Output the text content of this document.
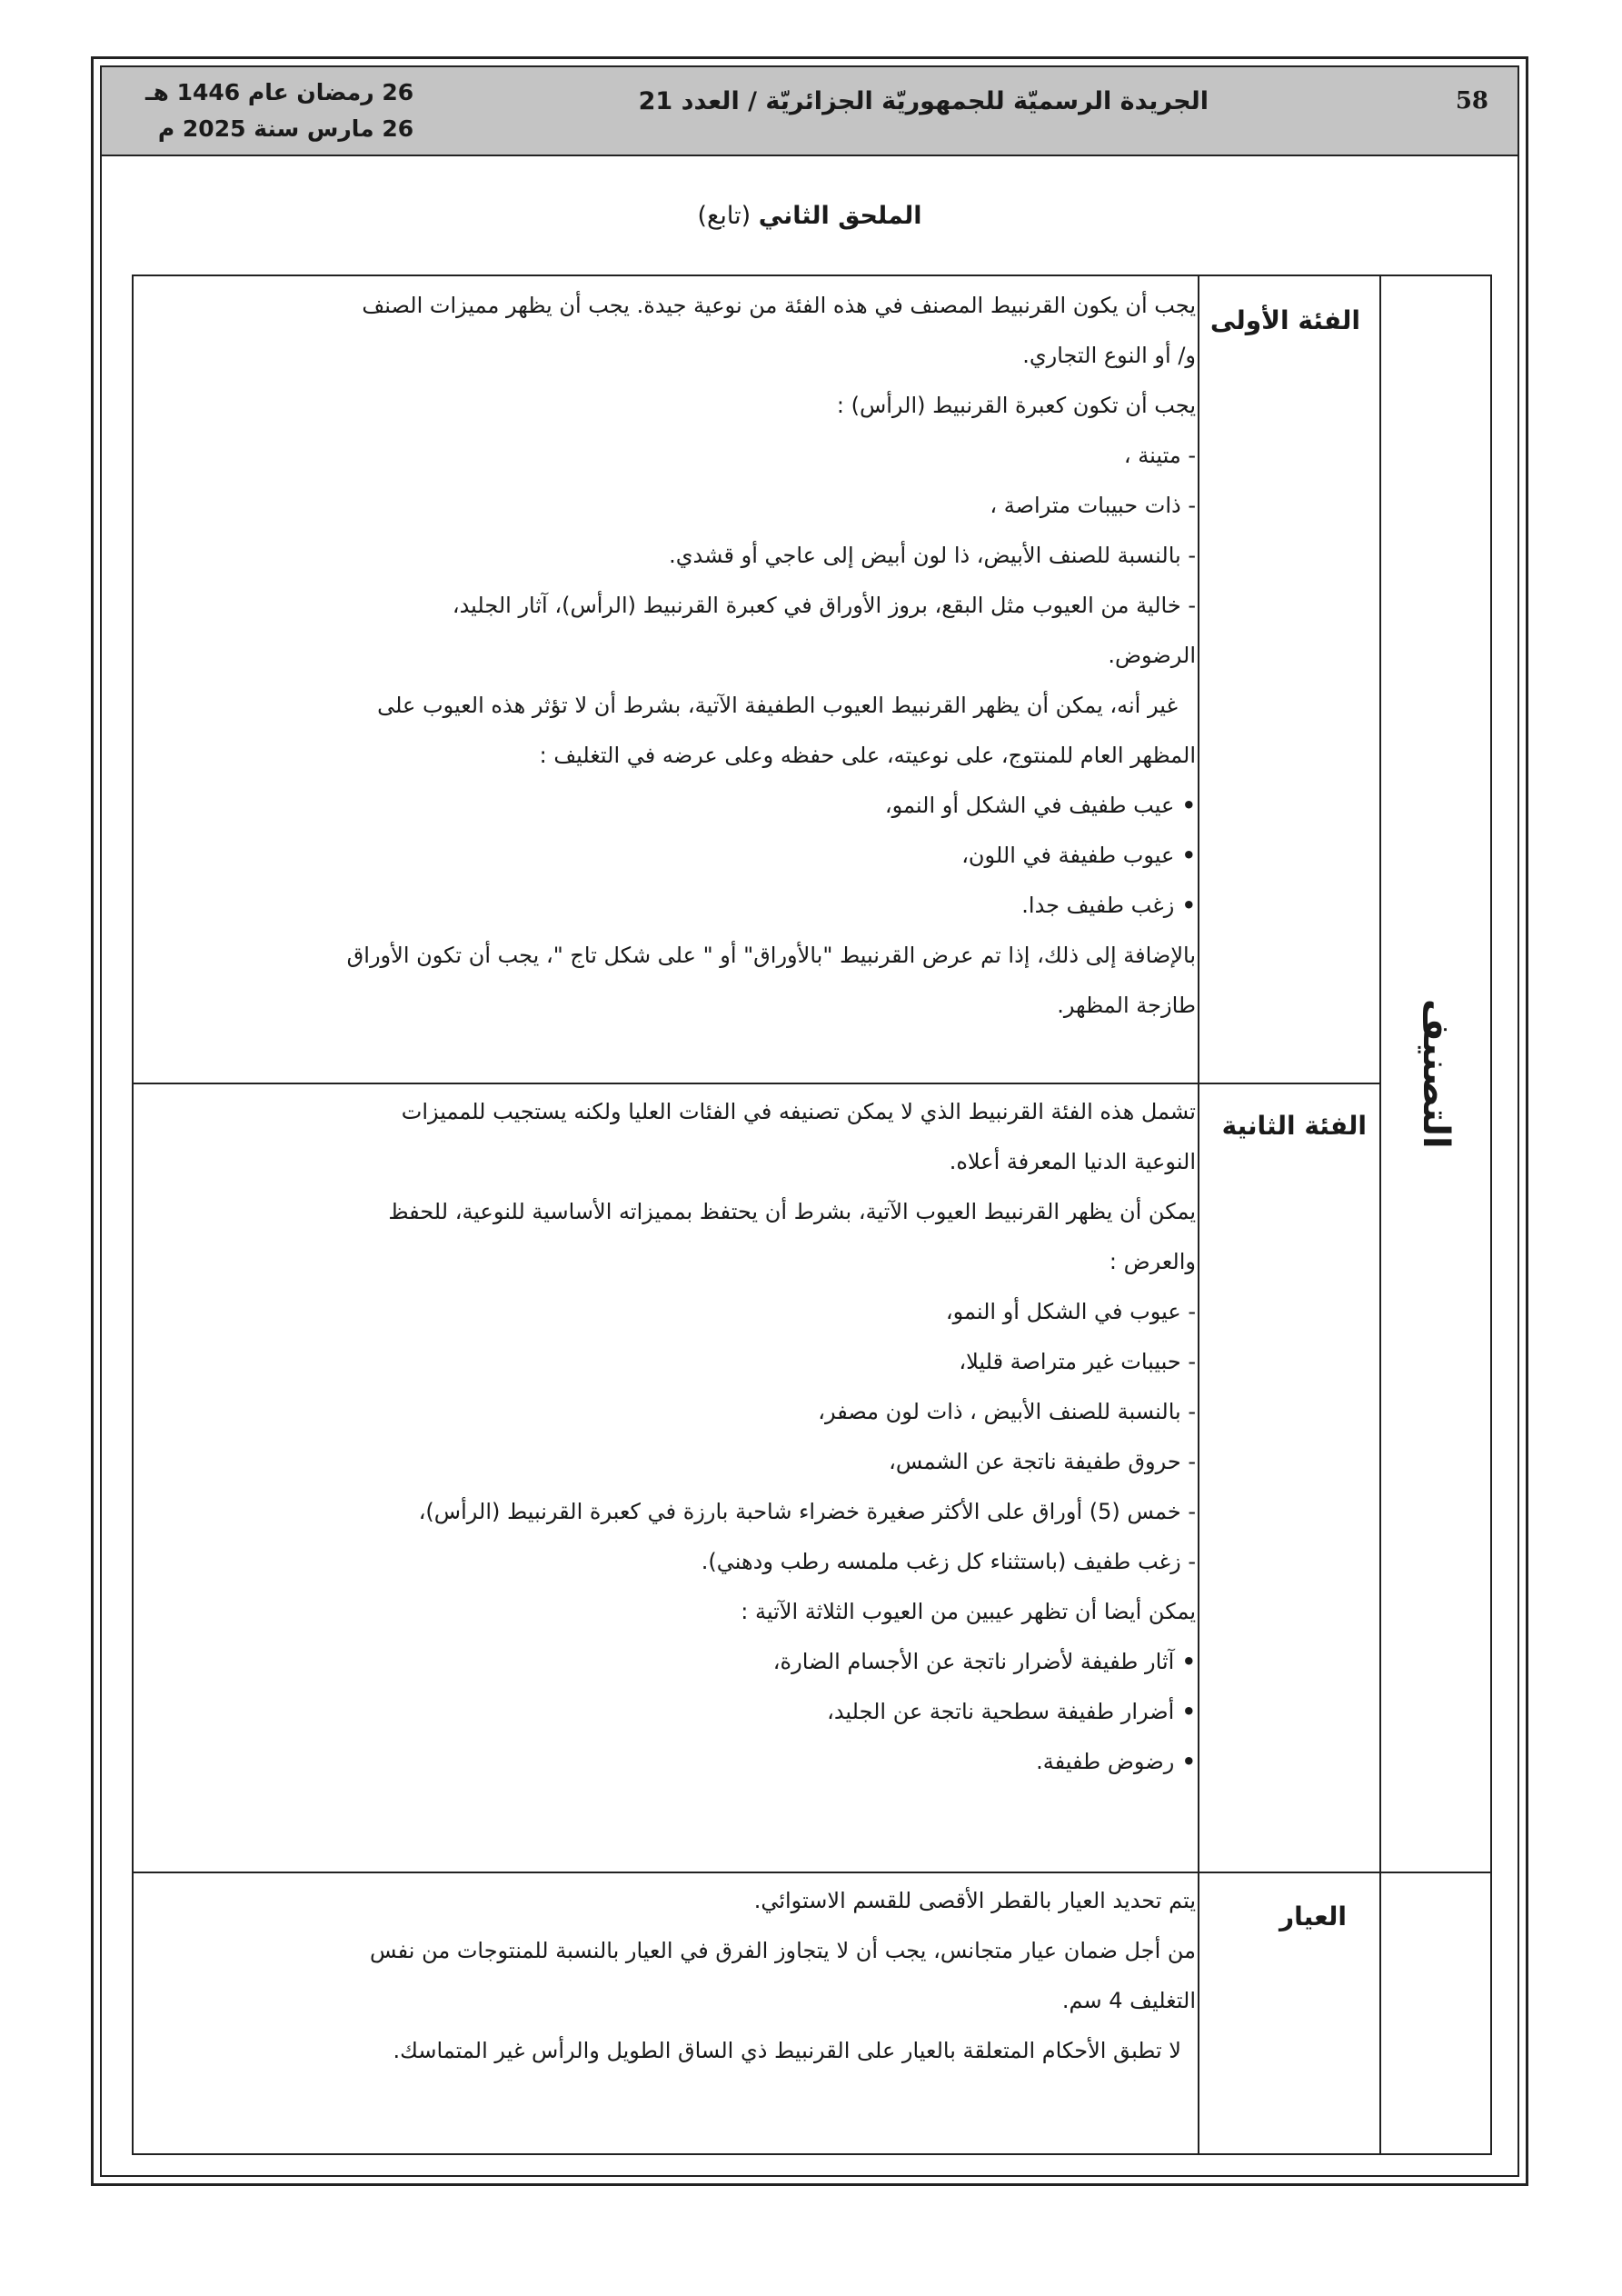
58
الجريدة الرسميّة للجمهوريّة الجزائريّة / العدد 21
26 رمضان عام 1446 هـ
26 مارس سنة 2025 م
الملحق الثاني (تابع)
التصنيف
الفئة الأولى
الفئة الثانية
العيار
يجب أن يكون القرنبيط المصنف في هذه الفئة من نوعية جيدة. يجب أن يظهر مميزات الصنف
و/ أو النوع التجاري.
يجب أن تكون كعبرة القرنبيط (الرأس) :
- متينة ،
- ذات حبيبات متراصة ،
- بالنسبة للصنف الأبيض، ذا لون أبيض إلى عاجي أو قشدي.
- خالية من العيوب مثل البقع، بروز الأوراق في كعبرة القرنبيط (الرأس)، آثار الجليد،
الرضوض.
غير أنه، يمكن أن يظهر القرنبيط العيوب الطفيفة الآتية، بشرط أن لا تؤثر هذه العيوب على
المظهر العام للمنتوج، على نوعيته، على حفظه وعلى عرضه في التغليف :
• عيب طفيف في الشكل أو النمو،
• عيوب طفيفة في اللون،
• زغب طفيف جدا.
بالإضافة إلى ذلك، إذا تم عرض القرنبيط "بالأوراق" أو " على شكل تاج "، يجب أن تكون الأوراق
طازجة المظهر.
تشمل هذه الفئة القرنبيط الذي لا يمكن تصنيفه في الفئات العليا ولكنه يستجيب للمميزات
النوعية الدنيا المعرفة أعلاه.
يمكن أن يظهر القرنبيط العيوب الآتية، بشرط أن يحتفظ بمميزاته الأساسية للنوعية، للحفظ
والعرض :
- عيوب في الشكل أو النمو،
- حبيبات غير متراصة قليلا،
- بالنسبة للصنف الأبيض ، ذات لون مصفر،
- حروق طفيفة ناتجة عن الشمس،
- خمس (5) أوراق على الأكثر صغيرة خضراء شاحبة بارزة في كعبرة القرنبيط (الرأس)،
- زغب طفيف (باستثناء كل زغب ملمسه رطب ودهني).
يمكن أيضا أن تظهر عيبين من العيوب الثلاثة الآتية :
• آثار طفيفة لأضرار ناتجة عن الأجسام الضارة،
• أضرار طفيفة سطحية ناتجة عن الجليد،
• رضوض طفيفة.
يتم تحديد العيار بالقطر الأقصى للقسم الاستوائي.
من أجل ضمان عيار متجانس، يجب أن لا يتجاوز الفرق في العيار بالنسبة للمنتوجات من نفس
التغليف 4 سم.
لا تطبق الأحكام المتعلقة بالعيار على القرنبيط ذي الساق الطويل والرأس غير المتماسك.
